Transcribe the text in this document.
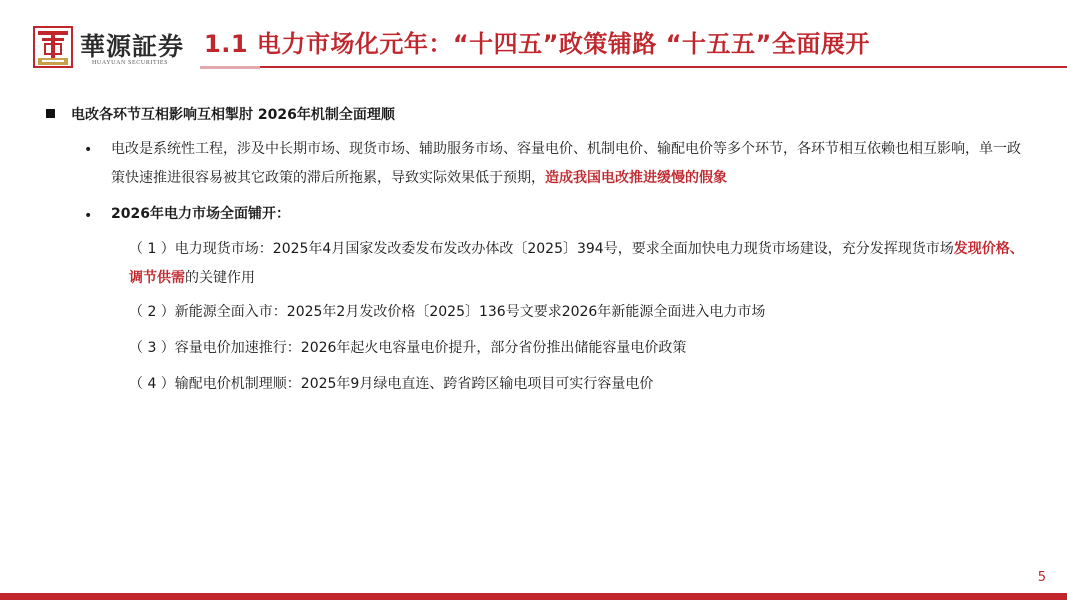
華源証券
HUAYUAN SECURITIES
1.1 电力市场化元年：“十四五”政策铺路 “十五五”全面展开
电改各环节互相影响互相掣肘 2026年机制全面理顺
• 电改是系统性工程，涉及中长期市场、现货市场、辅助服务市场、容量电价、机制电价、输配电价等多个环节，各环节相互依赖也相互影响，单一政策快速推进很容易被其它政策的滞后所拖累，导致实际效果低于预期，造成我国电改推进缓慢的假象
• 2026年电力市场全面铺开：
（ 1 ）电力现货市场：2025年4月国家发改委发布发改办体改〔2025〕394号，要求全面加快电力现货市场建设，充分发挥现货市场发现价格、调节供需的关键作用
（ 2 ）新能源全面入市：2025年2月发改价格〔2025〕136号文要求2026年新能源全面进入电力市场
（ 3 ）容量电价加速推行：2026年起火电容量电价提升，部分省份推出储能容量电价政策
（ 4 ）输配电价机制理顺：2025年9月绿电直连、跨省跨区输电项目可实行容量电价
5
